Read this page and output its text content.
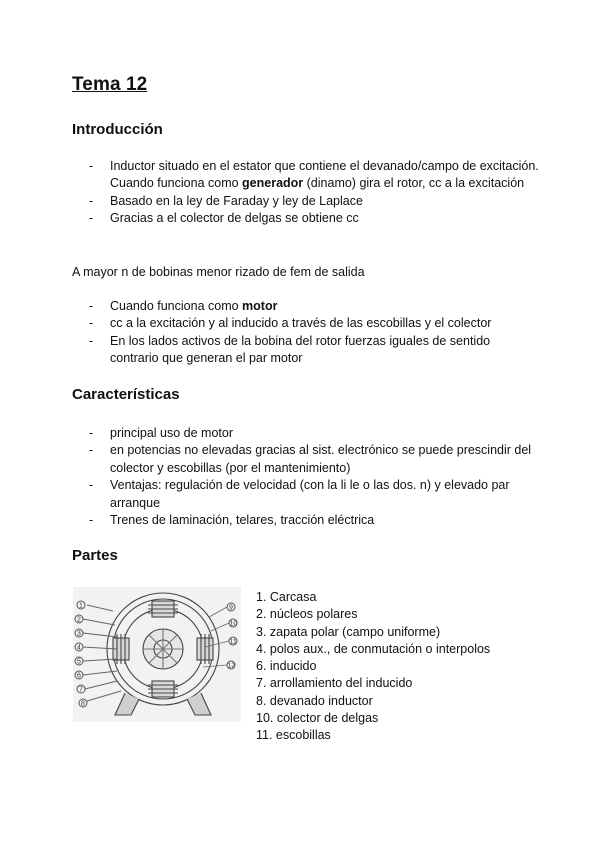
Tema 12
Introducción
- Inductor situado en el estator que contiene el devanado/campo de excitación. Cuando funciona como generador (dinamo) gira el rotor, cc a la excitación
- Basado en la ley de Faraday y ley de Laplace
- Gracias a el colector de delgas se obtiene cc

A mayor n de bobinas menor rizado de fem de salida

- Cuando funciona como motor
- cc a la excitación y al inducido a través de las escobillas y el colector
- En los lados activos de la bobina del rotor fuerzas iguales de sentido contrario que generan el par motor
Características
- principal uso de motor
- en potencias no elevadas gracias al sist. electrónico se puede prescindir del colector y escobillas (por el mantenimiento)
- Ventajas: regulación de velocidad (con la li le o las dos. n) y elevado par arranque
- Trenes de laminación, telares, tracción eléctrica
Partes
1
2
3
4
5
6
7
8
9
10
11
12
1. Carcasa
2. núcleos polares
3. zapata polar (campo uniforme)
4. polos aux., de conmutación o interpolos
6. inducido
7. arrollamiento del inducido
8. devanado inductor
10. colector de delgas
11. escobillas
